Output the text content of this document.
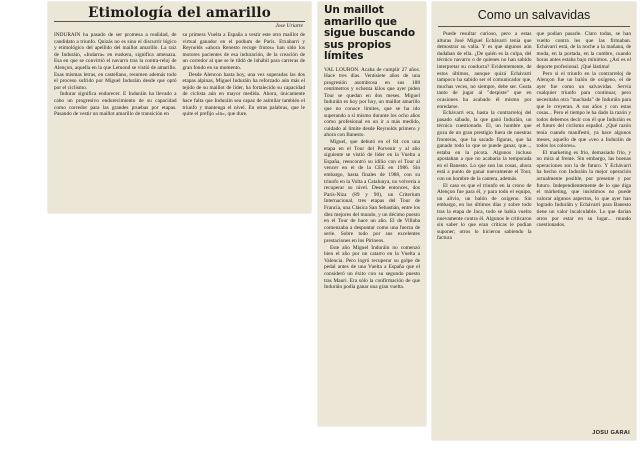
Etimología del amarillo
Jose Uriarte

INDURAIN ha pasado de ser promesa a realidad, de candidato a triunfo. Quizás no es sino el discurrir lógico y etimológico del apellido del maillot amarillo. La raíz de Induráin, «Indarra» en euskera, significa amenaza. Esa en que se convirtió el navarro tras la contra-reloj de Alençon, aquella en la que Lemond se vistió de amarillo. Esas mismas letras, en castellano, resumen además todo el proceso sufrido por Miguel Induráin desde que optó por el ciclismo.

Indurar significa endurecer. E Induráin ha llevado a cabo un progresivo endurecimiento de su capacidad como corredor para las grandes pruebas por etapas. Pasando de vestir un maillot amarillo de transición en

su primera Vuelta a España a vestir este otro maillot de virtual ganador en el podium de París. Etxabarri y Reynolds «ahora Renesto recoge frutos» han sido los motores pacientes de esa induración, de la creación de un corredor al que se le tildó de inhábil para carreras de gran fondo en su momento.

Desde Alencon hasta hoy, una vez superadas las dos etapas alpinas, Miguel Induráin ha reforzado aún más el tejido de su maillot de líder, ha fortalecido su capacidad de ciclista aún en mayor medida. Ahora, únicamente hace falta que Induráin sea capaz de asimilar también el triunfo y mantenga el nivel. En otras palabras, que le quite el prefijo «in», que dure.

Un maillot amarillo que sigue buscando sus propios límites

VAL LOURON. Acaba de cumplir 27 años. Hace tres días. Ventisiete años de una progresión asombrosa en sus 188 centímetros y ochenta kilos que ayer piden Tour se quedan en dos meses. Miguel Induráin es hoy por hoy, un maillot amarillo que no conoce límites, que se ha ido superando a sí mismo durante los ocho años como profesional en un ir a más medido, cuidado al límite desde Reynolds primero y ahora con Banesto.

Miguel, que debutó en el 84 con una etapa en el Tour del Porvenir y al año siguiente se vistió de líder en la Vuelta a España, reencontró su idilio con el Tour al vencer en el de la CEE en 1986. Sin embargo, hasta finales de 1988, con su triunfo en la Volta a Catalunya, no volvería a recuperar su nivel. Desde entonces, dos París-Niza (89 y 90), un Criterium Internacional, tres etapas del Tour de Francia, una Clásica San Sebastián, entre los diez mejores del mundo, y un décimo puesto en el Tour de hace un año. El de Villaba comenzaba a despuntar como una fuerza de serie. Sobre todo por sus excelentes prestaciones en los Pirineos.

Este año Miguel Induráin no comenzó bien el año por un catarro en la Vuelta a Valencia. Pero logró recuperar su golpe de pedal antes de una Vuelta a España que el consideró un éxito con su segundo puesto tras Mauri. Era sólo la confirmación de que Induráin podía ganar una gran vuelta.

Como un salvavidas

Puede resultar curioso, pero a estas alturas José Miguel Echávarri tenía que demostrar su valía. Y es que algunos aún dudaban de ella. ¿De quién es la culpa, del técnico navarro o de quienes no han sabido interpretar su conducta? Evidentemente, de estos últimos, aunque quizá Echávarri tampoco ha sabido ser el comunicador que, muchas veces, no siempre, debe ser. Gusta tanto de jugar al "despiste" que en ocasiones ha acabado él mismo por enredarse.

Echávarri era, hasta la contrarreloj del pasado sábado, la que ganó Induráin, un técnico cuestionado. El, un hombre que goza de un gran prestigio fuera de nuestras fronteras, que ha sacado figuras, que ha ganado todo lo que se puede ganar, que..., estaba en la picota. Algunos incluso apostaban a que no acabaría la temporada en el Banesto. Lo que son las cosas, ahora está a punto de ganar nuevamente el Tour, con un hombre de la cantera, además.

El caso es que el triunfo en la crono de Alençon fue para él, y para todo el equipo, un alivio, un balón de oxígeno. Sin embargo, en los últimos días y sobre todo tras la etapa de Jaca, todo se había vuelto nuevamente contra él. Algunos le criticaron sin saber lo que eran críticas le podían suponer; otros lo hicieron sabiendo la factura

que podían pasarle. Claro todas, se han vuelto contra les que las firmaban. Echávarri está, de la noche a la mañana, de moda, en la portada, en la cumbre, cuando horas antes estaba bajo mínimos. ¿Así es el deporte profesional. ¡Qué lástima!

Pero si el triunfo en la contrarreloj de Alençon fue un balón de oxígeno, el de ayer fue como un salvavidas. Servía cualquier triunfo para continuar, pero necesitaba otra "machada" de Induráin para que le creyeran. A sus años y con estas cosas... Pero el tiempo le ha dado la razón y todos debemos decir con él que Induráin es el futuro del ciclismo español. ¿Qué razón tenía cuando manifestó, ya hace algunos meses, aquello de que «veo a Induráin de todos los colores».

El marketing es frío, demasiado frío, y no mira al frente. Sin embargo, las buenas operaciones son la de futuro. Y Echávarri ha hecho con Induráin la mejor operación actualmente posible, por presente y por futuro. Independientemente de lo que diga el márketing, que insistimos no puede valorar algunos aspectos, lo que ayer han logrado Induráin y Echávarri para Banesto tiene un valor incalculable. Lo que darían otros por estar en su lugar... mundo cuestionados.

JOSU GARAI
